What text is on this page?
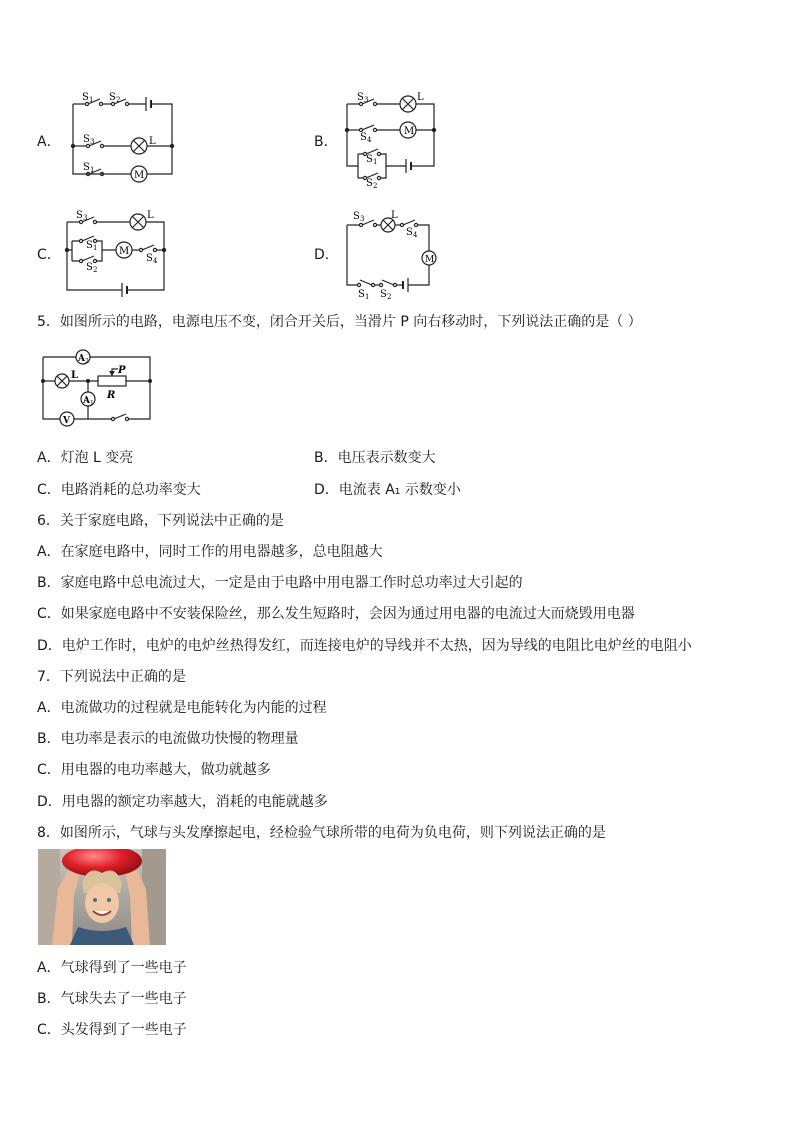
A．	B．
C．	D．
M
S 1 S 2
S 3	L
S 1
M
S 3	L
S 4
S 1
S 2
M
S 3	L
S 1
S 2
S 4	M
S 3	L
S 4
S 1 S 2
5．如图所示的电路，电源电压不变，闭合开关后，当滑片 P 向右移动时，下列说法正确的是（ ）
A 2
V
L	P
R
A 1
A．灯泡 L 变亮	B．电压表示数变大
C．电路消耗的总功率变大	D．电流表 A₁ 示数变小
6．关于家庭电路，下列说法中正确的是
A．在家庭电路中，同时工作的用电器越多，总电阻越大
B．家庭电路中总电流过大，一定是由于电路中用电器工作时总功率过大引起的
C．如果家庭电路中不安装保险丝，那么发生短路时，会因为通过用电器的电流过大而烧毁用电器
D．电炉工作时，电炉的电炉丝热得发红，而连接电炉的导线并不太热，因为导线的电阻比电炉丝的电阻小
7．下列说法中正确的是
A．电流做功的过程就是电能转化为内能的过程
B．电功率是表示的电流做功快慢的物理量
C．用电器的电功率越大，做功就越多
D．用电器的额定功率越大，消耗的电能就越多
8．如图所示，气球与头发摩擦起电，经检验气球所带的电荷为负电荷，则下列说法正确的是
A．气球得到了一些电子
B．气球失去了一些电子
C．头发得到了一些电子
